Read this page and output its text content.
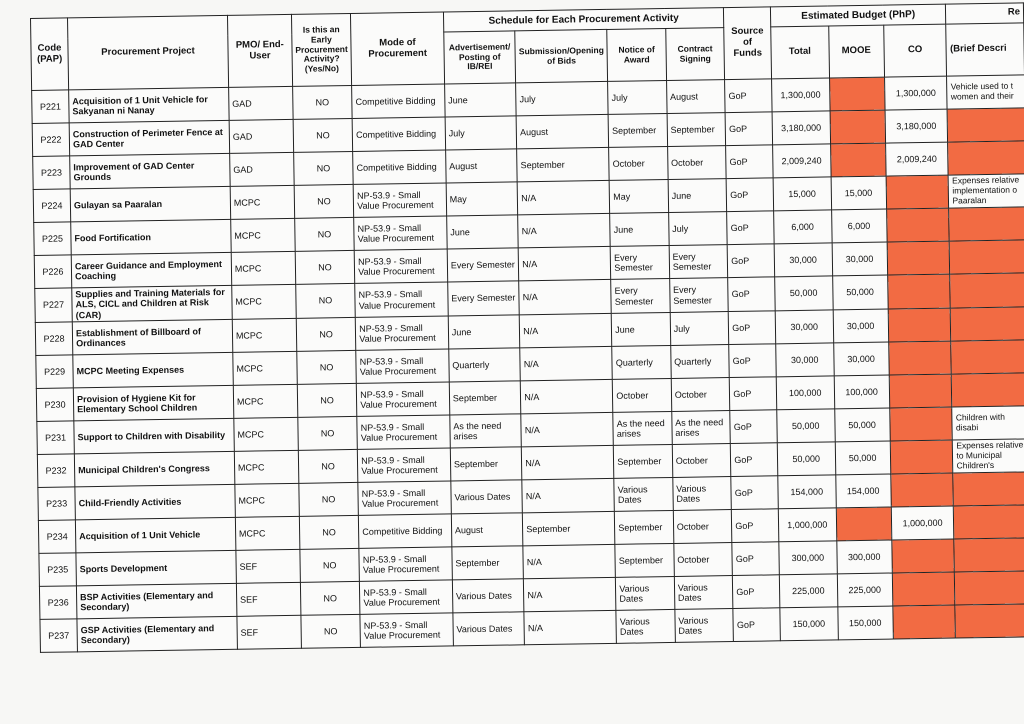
Code (PAP)	Procurement Project	PMO/ End-User	Is this an Early Procurement Activity? (Yes/No)	Mode of Procurement	Schedule for Each Procurement Activity				Source of Funds	Estimated Budget (PhP)			Re
					Advertisement/ Posting of IB/REI	Submission/Opening of Bids	Notice of Award	Contract Signing		Total	MOOE	CO	(Brief Descri
P221	Acquisition of 1 Unit Vehicle for Sakyanan ni Nanay	GAD	NO	Competitive Bidding	June	July	July	August	GoP	1,300,000		1,300,000	Vehicle used to t women and their
P222	Construction of Perimeter Fence at GAD Center	GAD	NO	Competitive Bidding	July	August	September	September	GoP	3,180,000		3,180,000	
P223	Improvement of GAD Center Grounds	GAD	NO	Competitive Bidding	August	September	October	October	GoP	2,009,240		2,009,240	
P224	Gulayan sa Paaralan	MCPC	NO	NP-53.9 - Small Value Procurement	May	N/A	May	June	GoP	15,000	15,000		Expenses relative implementation o Paaralan
P225	Food Fortification	MCPC	NO	NP-53.9 - Small Value Procurement	June	N/A	June	July	GoP	6,000	6,000		
P226	Career Guidance and Employment Coaching	MCPC	NO	NP-53.9 - Small Value Procurement	Every Semester	N/A	Every Semester	Every Semester	GoP	30,000	30,000		
P227	Supplies and Training Materials for ALS, CICL and Children at Risk (CAR)	MCPC	NO	NP-53.9 - Small Value Procurement	Every Semester	N/A	Every Semester	Every Semester	GoP	50,000	50,000		
P228	Establishment of Billboard of Ordinances	MCPC	NO	NP-53.9 - Small Value Procurement	June	N/A	June	July	GoP	30,000	30,000		
P229	MCPC Meeting Expenses	MCPC	NO	NP-53.9 - Small Value Procurement	Quarterly	N/A	Quarterly	Quarterly	GoP	30,000	30,000		
P230	Provision of Hygiene Kit for Elementary School Children	MCPC	NO	NP-53.9 - Small Value Procurement	September	N/A	October	October	GoP	100,000	100,000		
P231	Support to Children with Disability	MCPC	NO	NP-53.9 - Small Value Procurement	As the need arises	N/A	As the need arises	As the need arises	GoP	50,000	50,000		Children with disabi
P232	Municipal Children's Congress	MCPC	NO	NP-53.9 - Small Value Procurement	September	N/A	September	October	GoP	50,000	50,000		Expenses relative to Municipal Children's
P233	Child-Friendly Activities	MCPC	NO	NP-53.9 - Small Value Procurement	Various Dates	N/A	Various Dates	Various Dates	GoP	154,000	154,000		
P234	Acquisition of 1 Unit Vehicle	MCPC	NO	Competitive Bidding	August	September	September	October	GoP	1,000,000		1,000,000	
P235	Sports Development	SEF	NO	NP-53.9 - Small Value Procurement	September	N/A	September	October	GoP	300,000	300,000		
P236	BSP Activities (Elementary and Secondary)	SEF	NO	NP-53.9 - Small Value Procurement	Various Dates	N/A	Various Dates	Various Dates	GoP	225,000	225,000		
P237	GSP Activities (Elementary and Secondary)	SEF	NO	NP-53.9 - Small Value Procurement	Various Dates	N/A	Various Dates	Various Dates	GoP	150,000	150,000		
